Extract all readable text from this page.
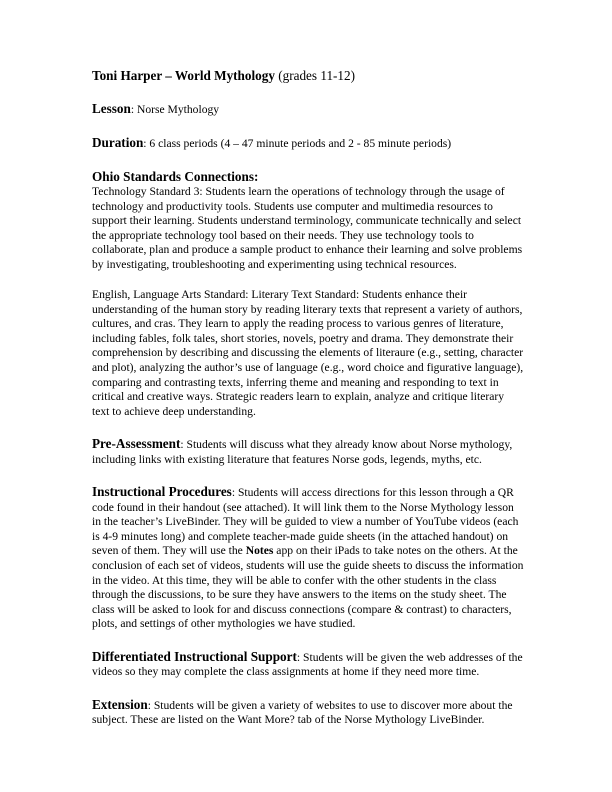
Toni Harper – World Mythology (grades 11-12)

Lesson: Norse Mythology

Duration: 6 class periods (4 – 47 minute periods and 2 - 85 minute periods)

Ohio Standards Connections:

Technology Standard 3: Students learn the operations of technology through the usage of technology and productivity tools. Students use computer and multimedia resources to support their learning. Students understand terminology, communicate technically and select the appropriate technology tool based on their needs. They use technology tools to collaborate, plan and produce a sample product to enhance their learning and solve problems by investigating, troubleshooting and experimenting using technical resources.

English, Language Arts Standard: Literary Text Standard: Students enhance their understanding of the human story by reading literary texts that represent a variety of authors, cultures, and cras. They learn to apply the reading process to various genres of literature, including fables, folk tales, short stories, novels, poetry and drama. They demonstrate their comprehension by describing and discussing the elements of literaure (e.g., setting, character and plot), analyzing the author’s use of language (e.g., word choice and figurative language), comparing and contrasting texts, inferring theme and meaning and responding to text in critical and creative ways. Strategic readers learn to explain, analyze and critique literary text to achieve deep understanding.

Pre-Assessment: Students will discuss what they already know about Norse mythology, including links with existing literature that features Norse gods, legends, myths, etc.

Instructional Procedures: Students will access directions for this lesson through a QR code found in their handout (see attached). It will link them to the Norse Mythology lesson in the teacher’s LiveBinder. They will be guided to view a number of YouTube videos (each is 4-9 minutes long) and complete teacher-made guide sheets (in the attached handout) on seven of them. They will use the Notes app on their iPads to take notes on the others. At the conclusion of each set of videos, students will use the guide sheets to discuss the information in the video. At this time, they will be able to confer with the other students in the class through the discussions, to be sure they have answers to the items on the study sheet. The class will be asked to look for and discuss connections (compare & contrast) to characters, plots, and settings of other mythologies we have studied.

Differentiated Instructional Support: Students will be given the web addresses of the videos so they may complete the class assignments at home if they need more time.

Extension: Students will be given a variety of websites to use to discover more about the subject. These are listed on the Want More? tab of the Norse Mythology LiveBinder.
